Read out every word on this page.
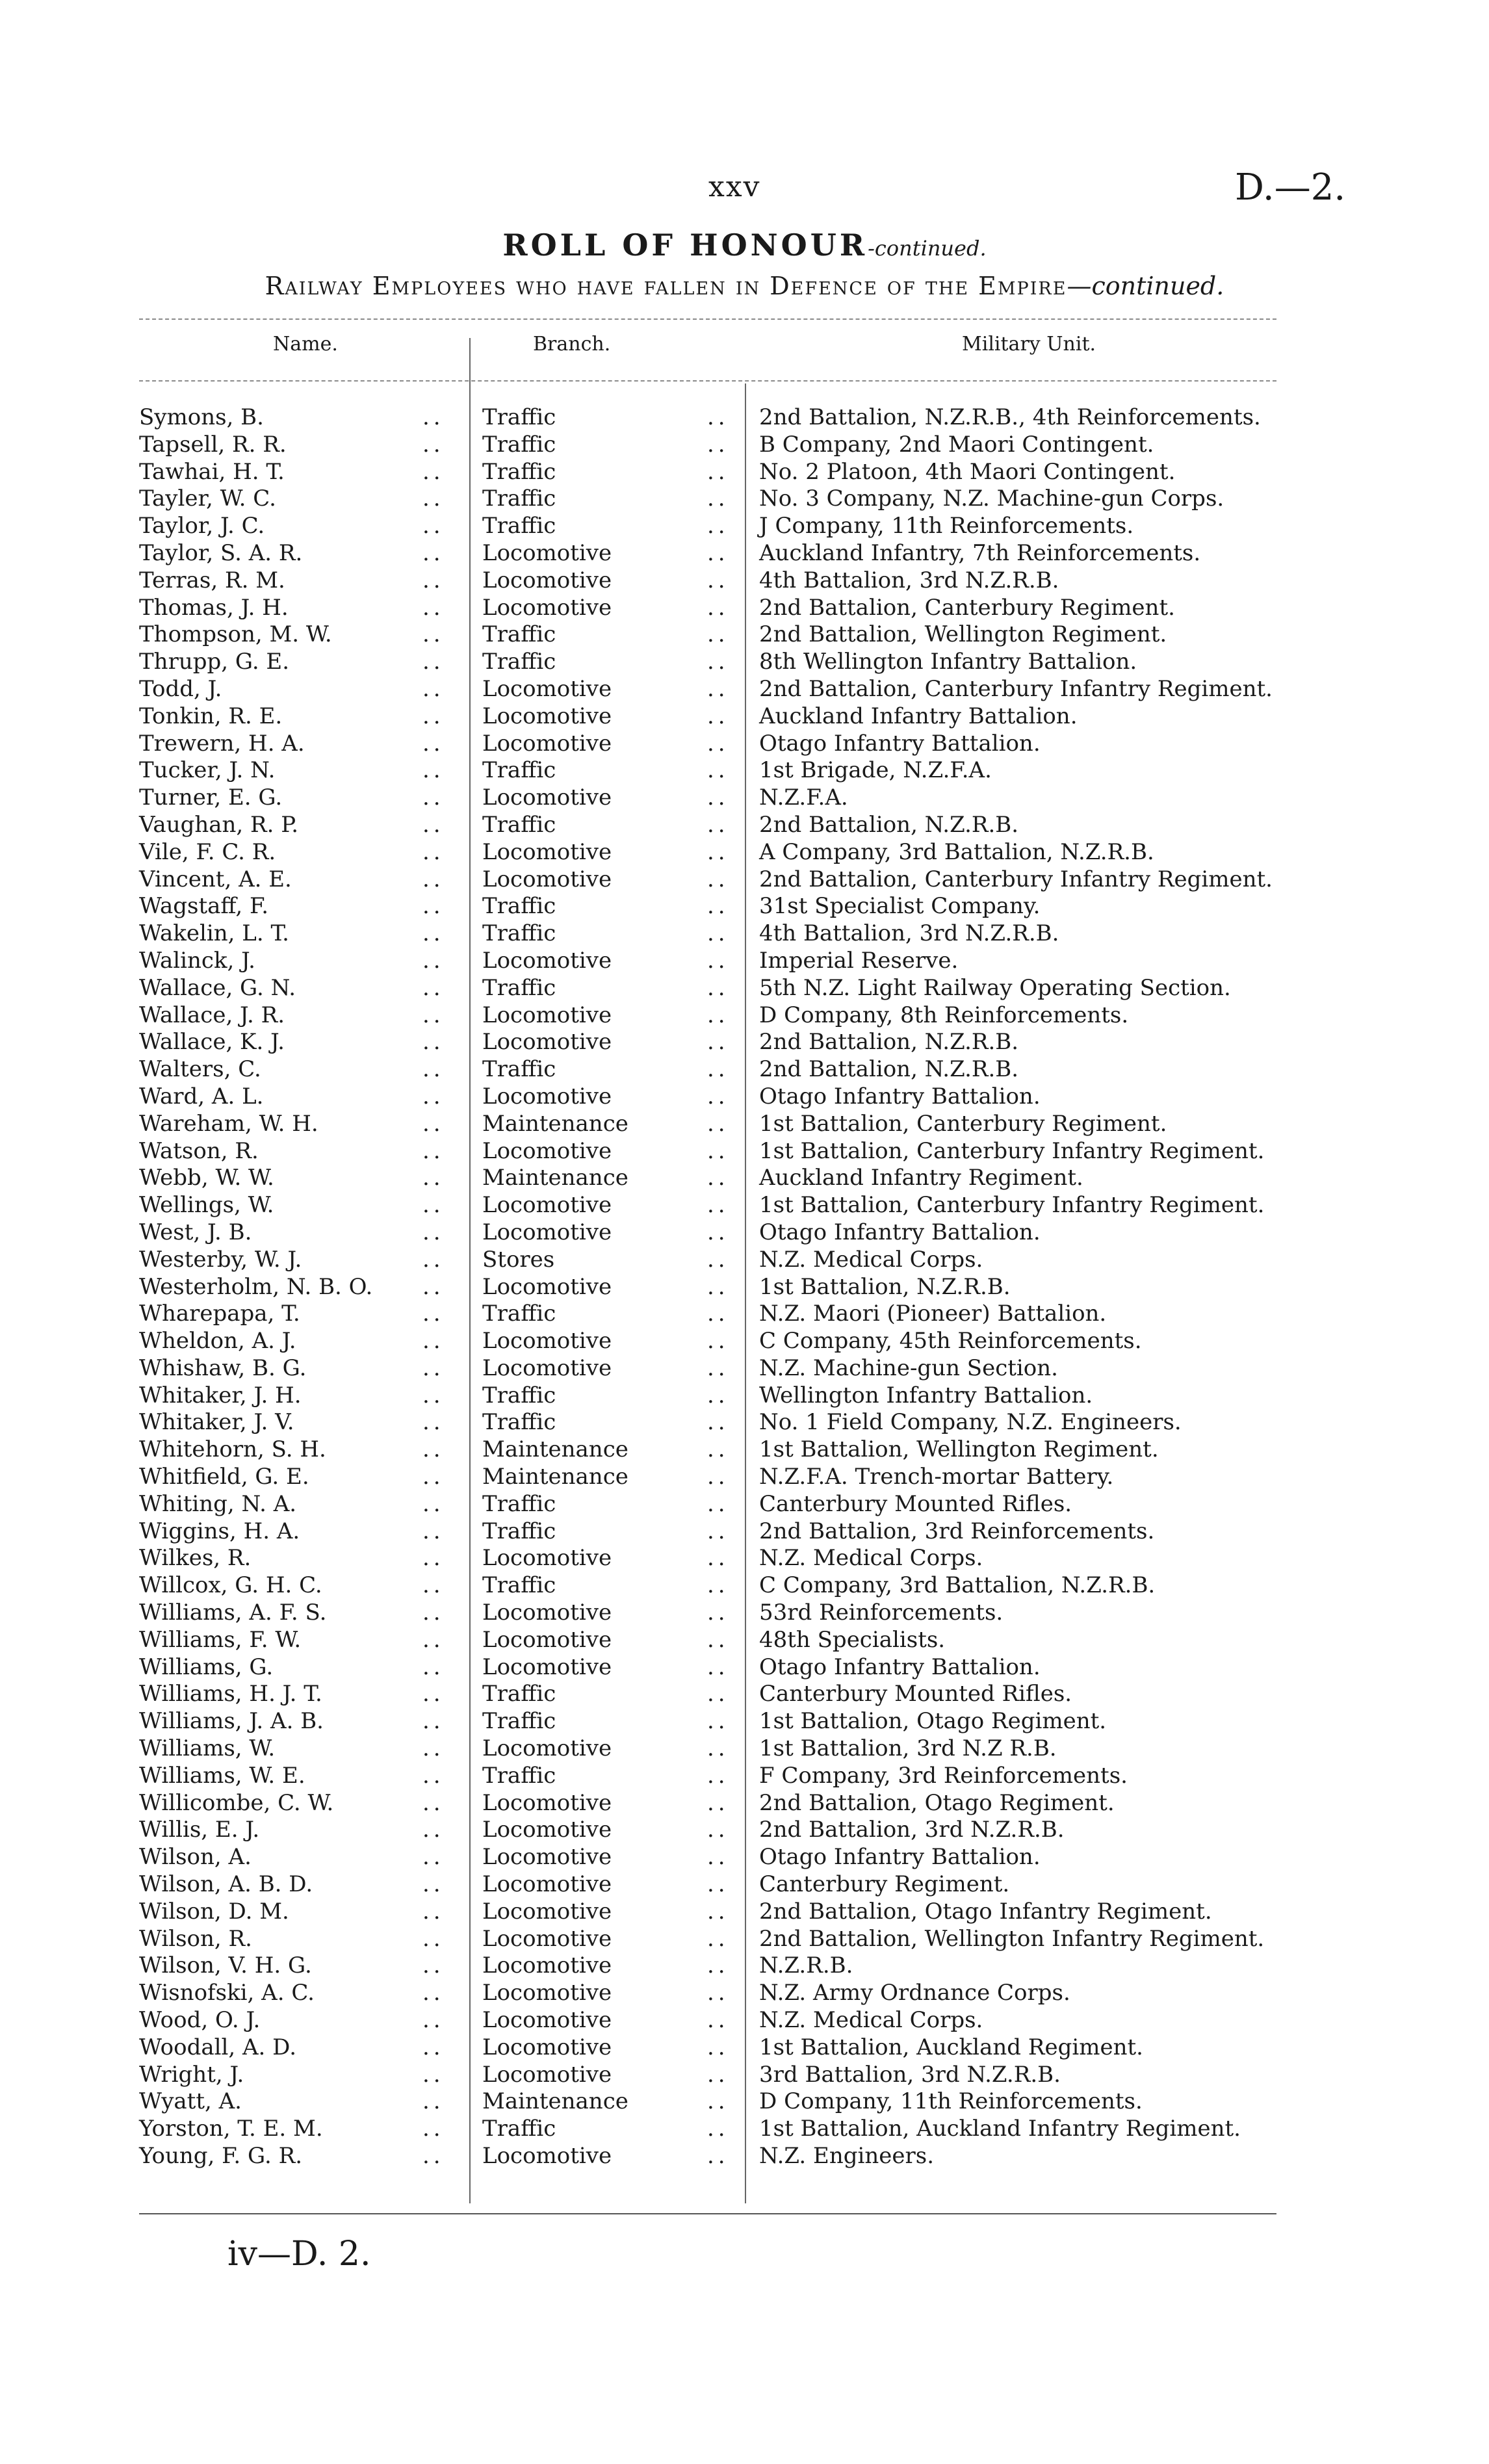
xxv	D.—2.
ROLL OF HONOUR-continued.
Railway Employees who have fallen in Defence of the Empire—continued.
Name.	Branch.	Military Unit.
Symons, B.	.. Traffic	.. 2nd Battalion, N.Z.R.B., 4th Reinforcements.
Tapsell, R. R.	.. Traffic	.. B Company, 2nd Maori Contingent.
Tawhai, H. T.	.. Traffic	.. No. 2 Platoon, 4th Maori Contingent.
Tayler, W. C.	.. Traffic	.. No. 3 Company, N.Z. Machine-gun Corps.
Taylor, J. C.	.. Traffic	.. J Company, 11th Reinforcements.
Taylor, S. A. R.	.. Locomotive	.. Auckland Infantry, 7th Reinforcements.
Terras, R. M.	.. Locomotive	.. 4th Battalion, 3rd N.Z.R.B.
Thomas, J. H.	.. Locomotive	.. 2nd Battalion, Canterbury Regiment.
Thompson, M. W.	.. Traffic	.. 2nd Battalion, Wellington Regiment.
Thrupp, G. E.	.. Traffic	.. 8th Wellington Infantry Battalion.
Todd, J.	.. Locomotive	.. 2nd Battalion, Canterbury Infantry Regiment.
Tonkin, R. E.	.. Locomotive	.. Auckland Infantry Battalion.
Trewern, H. A.	.. Locomotive	.. Otago Infantry Battalion.
Tucker, J. N.	.. Traffic	.. 1st Brigade, N.Z.F.A.
Turner, E. G.	.. Locomotive	.. N.Z.F.A.
Vaughan, R. P.	.. Traffic	.. 2nd Battalion, N.Z.R.B.
Vile, F. C. R.	.. Locomotive	.. A Company, 3rd Battalion, N.Z.R.B.
Vincent, A. E.	.. Locomotive	.. 2nd Battalion, Canterbury Infantry Regiment.
Wagstaff, F.	.. Traffic	.. 31st Specialist Company.
Wakelin, L. T.	.. Traffic	.. 4th Battalion, 3rd N.Z.R.B.
Walinck, J.	.. Locomotive	.. Imperial Reserve.
Wallace, G. N.	.. Traffic	.. 5th N.Z. Light Railway Operating Section.
Wallace, J. R.	.. Locomotive	.. D Company, 8th Reinforcements.
Wallace, K. J.	.. Locomotive	.. 2nd Battalion, N.Z.R.B.
Walters, C.	.. Traffic	.. 2nd Battalion, N.Z.R.B.
Ward, A. L.	.. Locomotive	.. Otago Infantry Battalion.
Wareham, W. H.	.. Maintenance	.. 1st Battalion, Canterbury Regiment.
Watson, R.	.. Locomotive	.. 1st Battalion, Canterbury Infantry Regiment.
Webb, W. W.	.. Maintenance	.. Auckland Infantry Regiment.
Wellings, W.	.. Locomotive	.. 1st Battalion, Canterbury Infantry Regiment.
West, J. B.	.. Locomotive	.. Otago Infantry Battalion.
Westerby, W. J.	.. Stores	.. N.Z. Medical Corps.
Westerholm, N. B. O. .. Locomotive	.. 1st Battalion, N.Z.R.B.
Wharepapa, T.	.. Traffic	.. N.Z. Maori (Pioneer) Battalion.
Wheldon, A. J.	.. Locomotive	.. C Company, 45th Reinforcements.
Whishaw, B. G.	.. Locomotive	.. N.Z. Machine-gun Section.
Whitaker, J. H.	.. Traffic	.. Wellington Infantry Battalion.
Whitaker, J. V.	.. Traffic	.. No. 1 Field Company, N.Z. Engineers.
Whitehorn, S. H.	.. Maintenance	.. 1st Battalion, Wellington Regiment.
Whitfield, G. E.	.. Maintenance	.. N.Z.F.A. Trench-mortar Battery.
Whiting, N. A.	.. Traffic	.. Canterbury Mounted Rifles.
Wiggins, H. A.	.. Traffic	.. 2nd Battalion, 3rd Reinforcements.
Wilkes, R.	.. Locomotive	.. N.Z. Medical Corps.
Willcox, G. H. C.	.. Traffic	.. C Company, 3rd Battalion, N.Z.R.B.
Williams, A. F. S.	.. Locomotive	.. 53rd Reinforcements.
Williams, F. W.	.. Locomotive	.. 48th Specialists.
Williams, G.	.. Locomotive	.. Otago Infantry Battalion.
Williams, H. J. T.	.. Traffic	.. Canterbury Mounted Rifles.
Williams, J. A. B.	.. Traffic	.. 1st Battalion, Otago Regiment.
Williams, W.	.. Locomotive	.. 1st Battalion, 3rd N.Z R.B.
Williams, W. E.	.. Traffic	.. F Company, 3rd Reinforcements.
Willicombe, C. W.	.. Locomotive	.. 2nd Battalion, Otago Regiment.
Willis, E. J.	.. Locomotive	.. 2nd Battalion, 3rd N.Z.R.B.
Wilson, A.	.. Locomotive	.. Otago Infantry Battalion.
Wilson, A. B. D.	.. Locomotive	.. Canterbury Regiment.
Wilson, D. M.	.. Locomotive	.. 2nd Battalion, Otago Infantry Regiment.
Wilson, R.	.. Locomotive	.. 2nd Battalion, Wellington Infantry Regiment.
Wilson, V. H. G.	.. Locomotive	.. N.Z.R.B.
Wisnofski, A. C.	.. Locomotive	.. N.Z. Army Ordnance Corps.
Wood, O. J.	.. Locomotive	.. N.Z. Medical Corps.
Woodall, A. D.	.. Locomotive	.. 1st Battalion, Auckland Regiment.
Wright, J.	.. Locomotive	.. 3rd Battalion, 3rd N.Z.R.B.
Wyatt, A.	.. Maintenance	.. D Company, 11th Reinforcements.
Yorston, T. E. M.	.. Traffic	.. 1st Battalion, Auckland Infantry Regiment.
Young, F. G. R.	.. Locomotive	.. N.Z. Engineers.
iv—D. 2.
